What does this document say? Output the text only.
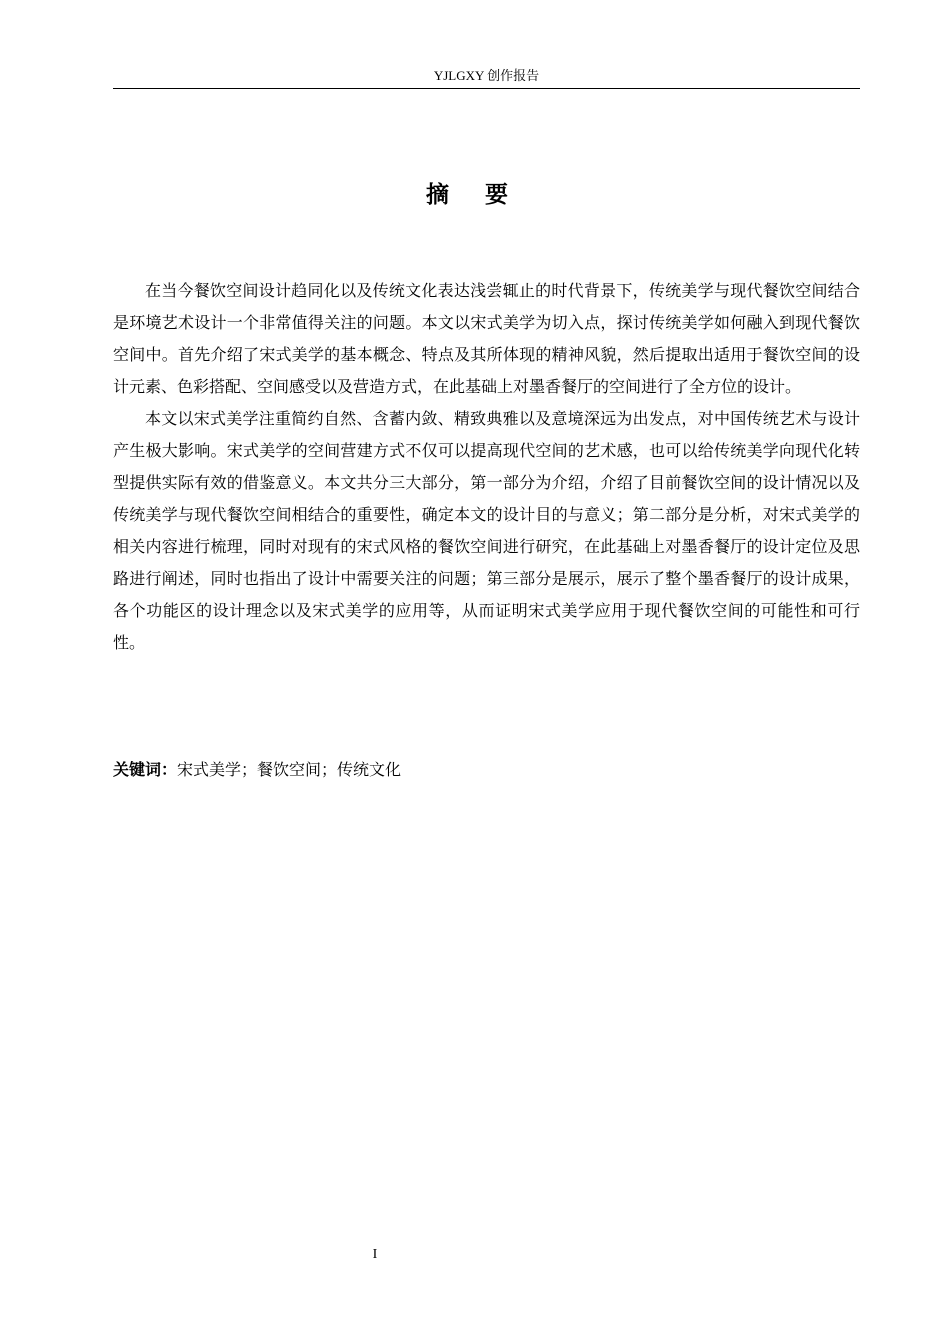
YJLGXY 创作报告
摘要

在当今餐饮空间设计趋同化以及传统文化表达浅尝辄止的时代背景下，传统美学与现代餐饮空间结合是环境艺术设计一个非常值得关注的问题。本文以宋式美学为切入点，探讨传统美学如何融入到现代餐饮空间中。首先介绍了宋式美学的基本概念、特点及其所体现的精神风貌，然后提取出适用于餐饮空间的设计元素、色彩搭配、空间感受以及营造方式，在此基础上对墨香餐厅的空间进行了全方位的设计。

本文以宋式美学注重简约自然、含蓄内敛、精致典雅以及意境深远为出发点，对中国传统艺术与设计产生极大影响。宋式美学的空间营建方式不仅可以提高现代空间的艺术感，也可以给传统美学向现代化转型提供实际有效的借鉴意义。本文共分三大部分，第一部分为介绍，介绍了目前餐饮空间的设计情况以及传统美学与现代餐饮空间相结合的重要性，确定本文的设计目的与意义；第二部分是分析，对宋式美学的相关内容进行梳理，同时对现有的宋式风格的餐饮空间进行研究，在此基础上对墨香餐厅的设计定位及思路进行阐述，同时也指出了设计中需要关注的问题；第三部分是展示，展示了整个墨香餐厅的设计成果，各个功能区的设计理念以及宋式美学的应用等，从而证明宋式美学应用于现代餐饮空间的可能性和可行性。

关键词：宋式美学；餐饮空间；传统文化
I
